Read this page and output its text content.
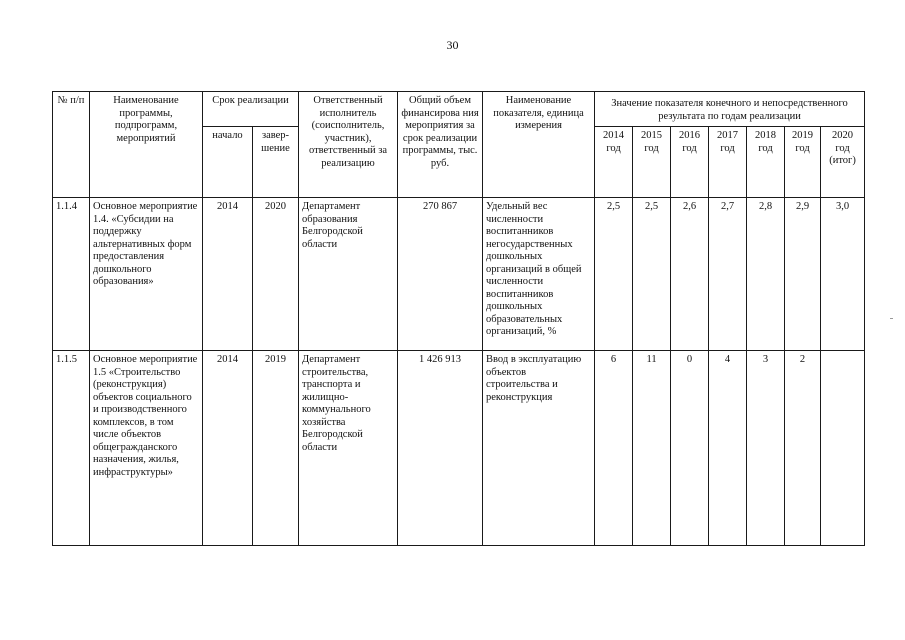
30
№ п/п	Наименование программы, подпрограмм, мероприятий	Срок реализации		Ответственный исполнитель (соисполнитель, участник), ответственный за реализацию	Общий объем финансирова ния мероприятия за срок реализации программы, тыс. руб.	Наименование показателя, единица измерения	Значение показателя конечного и непосредственного результата по годам реализации						
		начало	завер-шение				2014 год	2015 год	2016 год	2017 год	2018 год	2019 год	2020 год (итог)
1.1.4	Основное мероприятие 1.4. «Субсидии на поддержку альтернативных форм предоставления дошкольного образования»	2014	2020	Департамент образования Белгородской области	270 867	Удельный вес численности воспитанников негосударственных дошкольных организаций в общей численности воспитанников дошкольных образовательных организаций, %	2,5	2,5	2,6	2,7	2,8	2,9	3,0
1.1.5	Основное мероприятие 1.5 «Строительство (реконструкция) объектов социального и производственного комплексов, в том числе объектов общегражданского назначения, жилья, инфраструктуры»	2014	2019	Департамент строительства, транспорта и жилищно-коммунального хозяйства Белгородской области	1 426 913	Ввод в эксплуатацию объектов строительства и реконструкция	6	11	0	4	3	2	
